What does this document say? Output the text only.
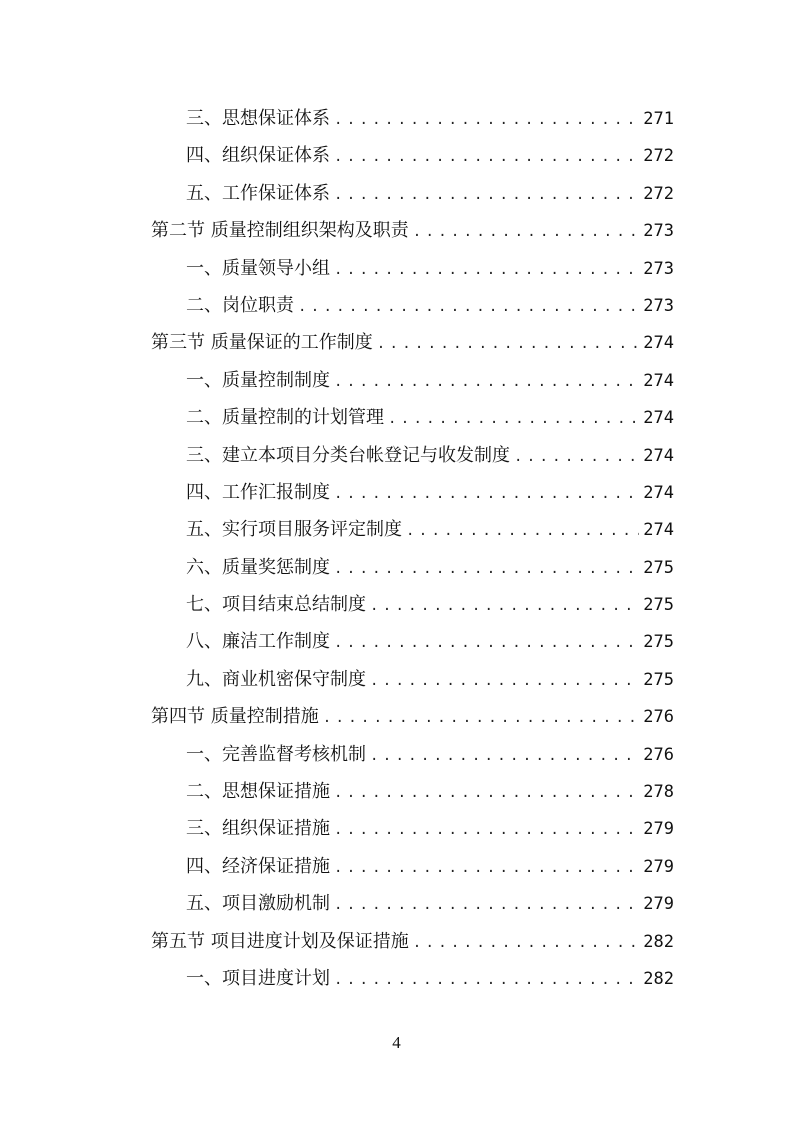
三、思想保证体系 .....	271
四、组织保证体系 .....	272
五、工作保证体系 .....	272
第二节 质量控制组织架构及职责 .....	273
一、质量领导小组 .....	273
二、岗位职责 .....	273
第三节 质量保证的工作制度 .....	274
一、质量控制制度 .....	274
二、质量控制的计划管理 .....	274
三、建立本项目分类台帐登记与收发制度 .....	274
四、工作汇报制度 .....	274
五、实行项目服务评定制度 .....	274
六、质量奖惩制度 .....	275
七、项目结束总结制度 .....	275
八、廉洁工作制度 .....	275
九、商业机密保守制度 .....	275
第四节 质量控制措施 .....	276
一、完善监督考核机制 .....	276
二、思想保证措施 .....	278
三、组织保证措施 .....	279
四、经济保证措施 .....	279
五、项目激励机制 .....	279
第五节 项目进度计划及保证措施 .....	282
一、项目进度计划 .....	282
4
